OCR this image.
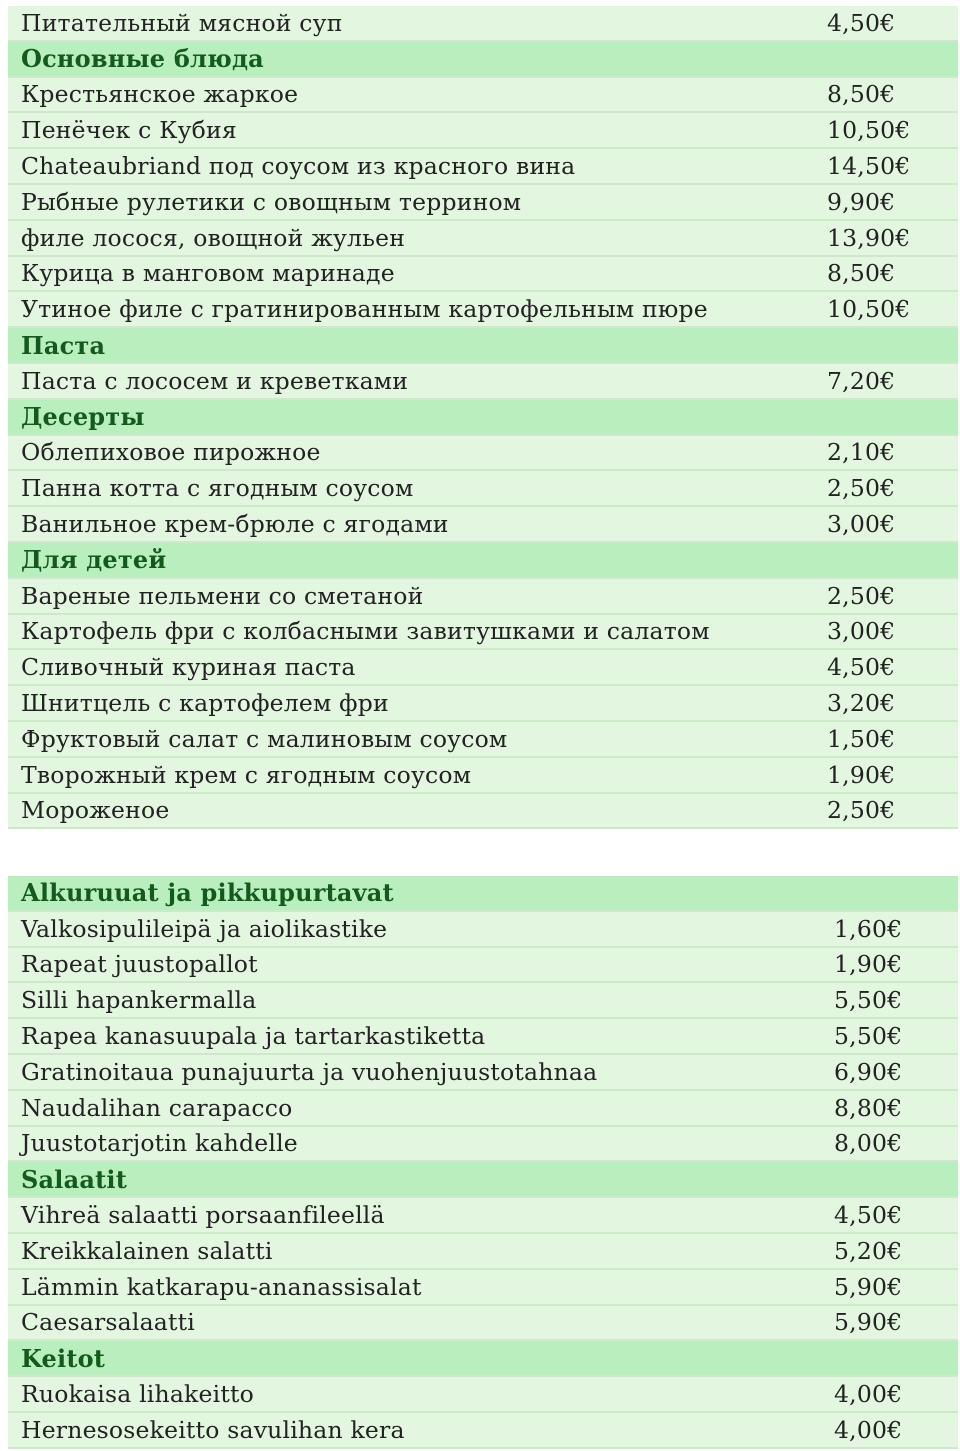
Питательный мясной суп	4,50€
Основные блюда
Крестьянское жаркое	8,50€
Пенёчек с Кубия	10,50€
Chateaubriand под соусом из красного вина	14,50€
Рыбные рулетики с овощным террином	9,90€
филе лосося, овощной жульен	13,90€
Курица в манговом маринаде	8,50€
Утиное филе с гратинированным картофельным пюре	10,50€
Паста
Паста с лососем и креветками	7,20€
Десерты
Облепиховое пирожное	2,10€
Панна котта с ягодным соусом	2,50€
Ванильное крем-брюле с ягодами	3,00€
Для детей
Вареные пельмени со сметаной	2,50€
Картофель фри с колбасными завитушками и салатом	3,00€
Сливочный куриная паста	4,50€
Шнитцель с картофелем фри	3,20€
Фруктовый салат с малиновым соусом	1,50€
Творожный крем с ягодным соусом	1,90€
Мороженое	2,50€
Alkuruuat ja pikkupurtavat
Valkosipulileipä ja aiolikastike	1,60€
Rapeat juustopallot	1,90€
Silli hapankermalla	5,50€
Rapea kanasuupala ja tartarkastiketta	5,50€
Gratinoitaua punajuurta ja vuohenjuustotahnaa	6,90€
Naudalihan carapacco	8,80€
Juustotarjotin kahdelle	8,00€
Salaatit
Vihreä salaatti porsaanfileellä	4,50€
Kreikkalainen salatti	5,20€
Lämmin katkarapu-ananassisalat	5,90€
Caesarsalaatti	5,90€
Keitot
Ruokaisa lihakeitto	4,00€
Hernesosekeitto savulihan kera	4,00€
